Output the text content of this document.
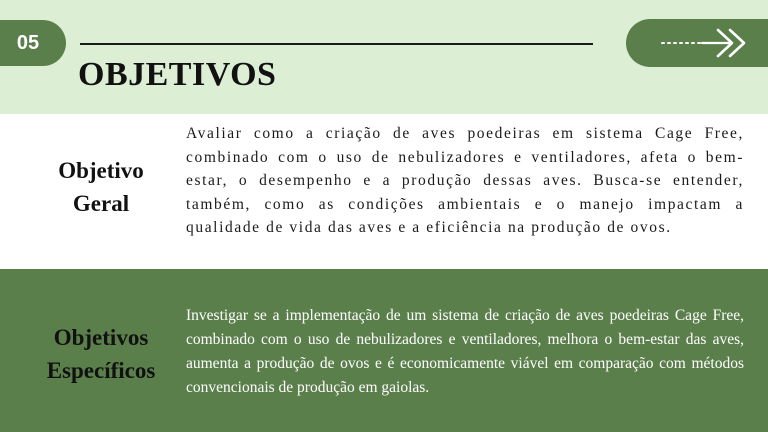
05
OBJETIVOS
Objetivo
Geral

Avaliar como a criação de aves poedeiras em sistema Cage Free, combinado com o uso de nebulizadores e ventiladores, afeta o bem-estar, o desempenho e a produção dessas aves. Busca-se entender, também, como as condições ambientais e o manejo impactam a qualidade de vida das aves e a eficiência na produção de ovos.

Objetivos
Específicos

Investigar se a implementação de um sistema de criação de aves poedeiras Cage Free, combinado com o uso de nebulizadores e ventiladores, melhora o bem-estar das aves, aumenta a produção de ovos e é economicamente viável em comparação com métodos convencionais de produção em gaiolas.
